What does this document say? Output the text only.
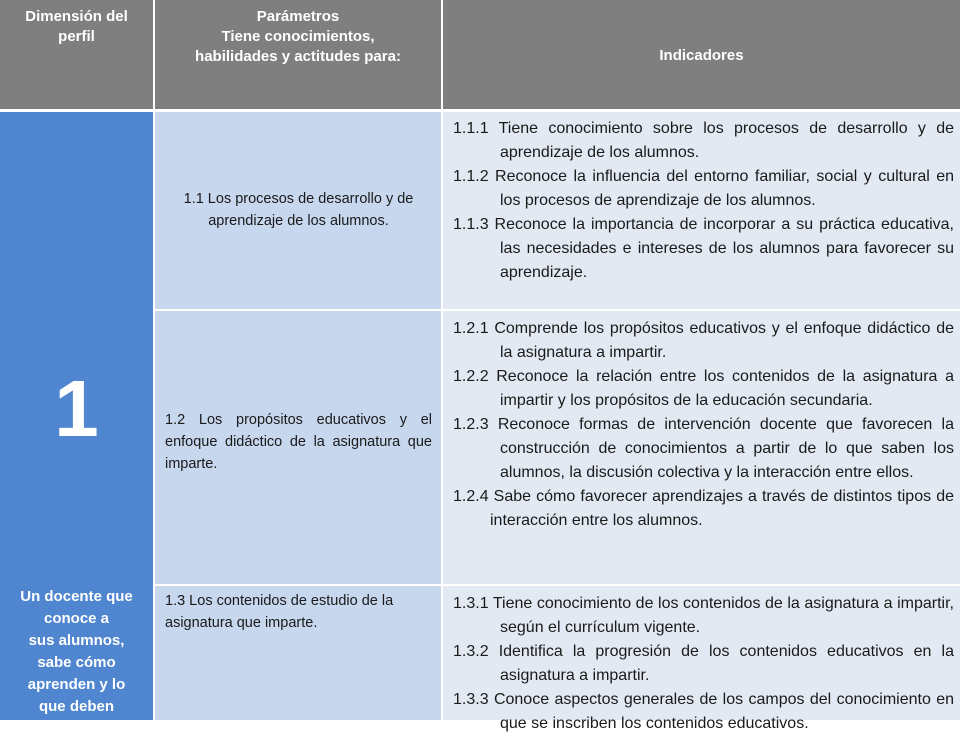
Dimensión del
perfil
Parámetros
Tiene conocimientos,
habilidades y actitudes para:	Indicadores
1
Un docente que
conoce a
sus alumnos,
sabe cómo
aprenden y lo
que deben
aprender
1.1 Los procesos de desarrollo y de aprendizaje de los alumnos.
1.1.1 Tiene conocimiento sobre los procesos de desarrollo y de aprendizaje de los alumnos.
1.1.2 Reconoce la influencia del entorno familiar, social y cultural en los procesos de aprendizaje de los alumnos.
1.1.3 Reconoce la importancia de incorporar a su práctica educativa, las necesidades e intereses de los alumnos para favorecer su aprendizaje.
1.2 Los propósitos educativos y el enfoque didáctico de la asignatura que imparte.
1.2.1 Comprende los propósitos educativos y el enfoque didáctico de la asignatura a impartir.
1.2.2 Reconoce la relación entre los contenidos de la asignatura a impartir y los propósitos de la educación secundaria.
1.2.3 Reconoce formas de intervención docente que favorecen la construcción de conocimientos a partir de lo que saben los alumnos, la discusión colectiva y la interacción entre ellos.
1.2.4 Sabe cómo favorecer aprendizajes a través de distintos tipos de interacción entre los alumnos.
1.3 Los contenidos de estudio de la asignatura que imparte.
1.3.1 Tiene conocimiento de los contenidos de la asignatura a impartir, según el currículum vigente.
1.3.2 Identifica la progresión de los contenidos educativos en la asignatura a impartir.
1.3.3 Conoce aspectos generales de los campos del conocimiento en que se inscriben los contenidos educativos.
